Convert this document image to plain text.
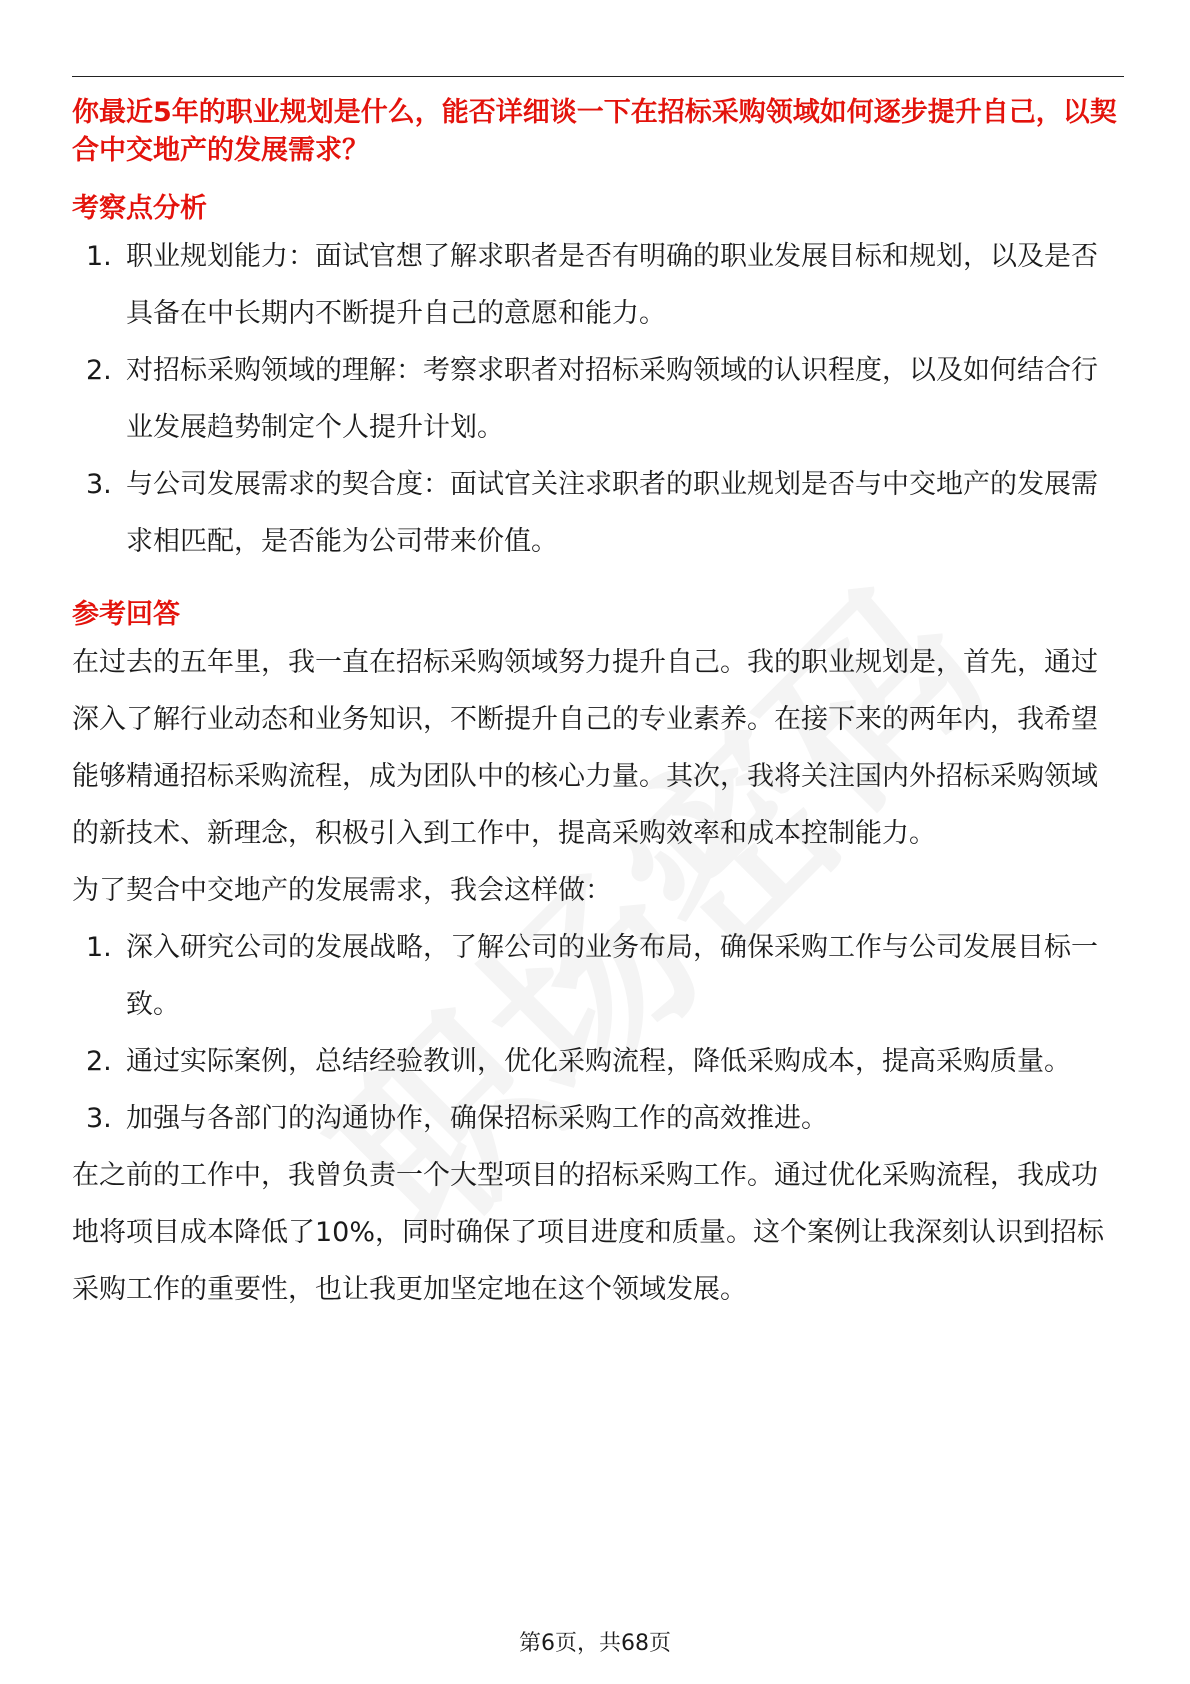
你最近5年的职业规划是什么，能否详细谈一下在招标采购领域如何逐步提升自己，以契合中交地产的发展需求？

考察点分析
1. 职业规划能力：面试官想了解求职者是否有明确的职业发展目标和规划，以及是否具备在中长期内不断提升自己的意愿和能力。
2. 对招标采购领域的理解：考察求职者对招标采购领域的认识程度，以及如何结合行业发展趋势制定个人提升计划。
3. 与公司发展需求的契合度：面试官关注求职者的职业规划是否与中交地产的发展需求相匹配，是否能为公司带来价值。
参考回答

在过去的五年里，我一直在招标采购领域努力提升自己。我的职业规划是，首先，通过深入了解行业动态和业务知识，不断提升自己的专业素养。在接下来的两年内，我希望能够精通招标采购流程，成为团队中的核心力量。其次，我将关注国内外招标采购领域的新技术、新理念，积极引入到工作中，提高采购效率和成本控制能力。

为了契合中交地产的发展需求，我会这样做：

1. 深入研究公司的发展战略，了解公司的业务布局，确保采购工作与公司发展目标一致。
2. 通过实际案例，总结经验教训，优化采购流程，降低采购成本，提高采购质量。
3. 加强与各部门的沟通协作，确保招标采购工作的高效推进。

在之前的工作中，我曾负责一个大型项目的招标采购工作。通过优化采购流程，我成功地将项目成本降低了10%，同时确保了项目进度和质量。这个案例让我深刻认识到招标采购工作的重要性，也让我更加坚定地在这个领域发展。

第6页，共68页
